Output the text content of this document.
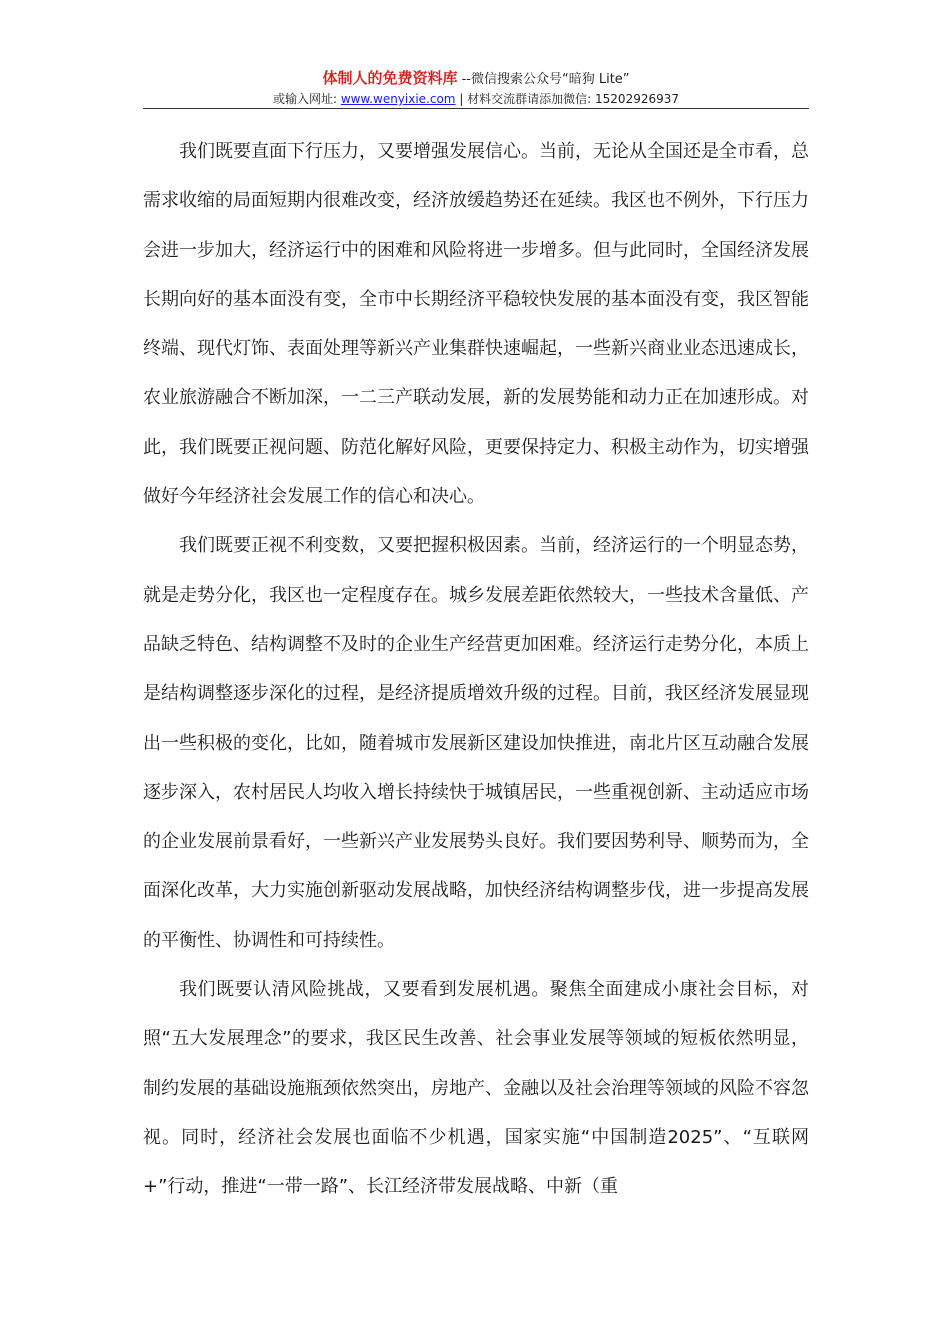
体制人的免费资料库 --微信搜索公众号“暗狗 Lite”
或输入网址: www.wenyixie.com | 材料交流群请添加微信: 15202926937

我们既要直面下行压力，又要增强发展信心。当前，无论从全国还是全市看，总需求收缩的局面短期内很难改变，经济放缓趋势还在延续。我区也不例外，下行压力会进一步加大，经济运行中的困难和风险将进一步增多。但与此同时，全国经济发展长期向好的基本面没有变，全市中长期经济平稳较快发展的基本面没有变，我区智能终端、现代灯饰、表面处理等新兴产业集群快速崛起，一些新兴商业业态迅速成长，农业旅游融合不断加深，一二三产联动发展，新的发展势能和动力正在加速形成。对此，我们既要正视问题、防范化解好风险，更要保持定力、积极主动作为，切实增强做好今年经济社会发展工作的信心和决心。

我们既要正视不利变数，又要把握积极因素。当前，经济运行的一个明显态势，就是走势分化，我区也一定程度存在。城乡发展差距依然较大，一些技术含量低、产品缺乏特色、结构调整不及时的企业生产经营更加困难。经济运行走势分化，本质上是结构调整逐步深化的过程，是经济提质增效升级的过程。目前，我区经济发展显现出一些积极的变化，比如，随着城市发展新区建设加快推进，南北片区互动融合发展逐步深入，农村居民人均收入增长持续快于城镇居民，一些重视创新、主动适应市场的企业发展前景看好，一些新兴产业发展势头良好。我们要因势利导、顺势而为，全面深化改革，大力实施创新驱动发展战略，加快经济结构调整步伐，进一步提高发展的平衡性、协调性和可持续性。

我们既要认清风险挑战，又要看到发展机遇。聚焦全面建成小康社会目标，对照“五大发展理念”的要求，我区民生改善、社会事业发展等领域的短板依然明显，制约发展的基础设施瓶颈依然突出，房地产、金融以及社会治理等领域的风险不容忽视。同时，经济社会发展也面临不少机遇，国家实施“中国制造2025”、“互联网+”行动，推进“一带一路”、长江经济带发展战略、中新（重
